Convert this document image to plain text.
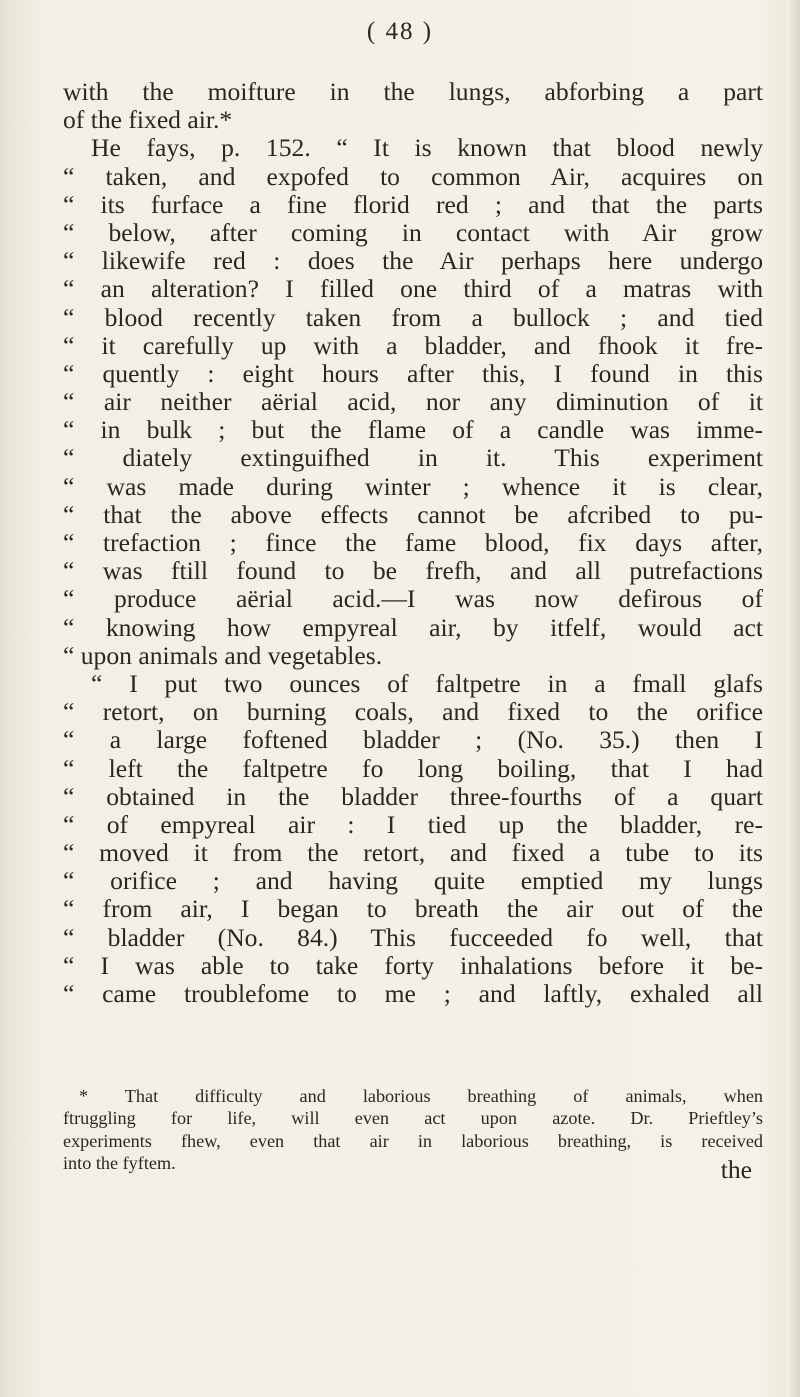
( 48 )
with the moifture in the lungs, abforbing a part
of the fixed air.*
He fays, p. 152. “ It is known that blood newly
“ taken, and expofed to common Air, acquires on
“ its furface a fine florid red ; and that the parts
“ below, after coming in contact with Air grow
“ likewife red : does the Air perhaps here undergo
“ an alteration? I filled one third of a matras with
“ blood recently taken from a bullock ; and tied
“ it carefully up with a bladder, and fhook it fre-
“ quently : eight hours after this, I found in this
“ air neither aërial acid, nor any diminution of it
“ in bulk ; but the flame of a candle was imme-
“ diately extinguifhed in it. This experiment
“ was made during winter ; whence it is clear,
“ that the above effects cannot be afcribed to pu-
“ trefaction ; fince the fame blood, fix days after,
“ was ftill found to be frefh, and all putrefactions
“ produce aërial acid.—I was now defirous of
“ knowing how empyreal air, by itfelf, would act
“ upon animals and vegetables.
“ I put two ounces of faltpetre in a fmall glafs
“ retort, on burning coals, and fixed to the orifice
“ a large foftened bladder ; (No. 35.) then I
“ left the faltpetre fo long boiling, that I had
“ obtained in the bladder three-fourths of a quart
“ of empyreal air : I tied up the bladder, re-
“ moved it from the retort, and fixed a tube to its
“ orifice ; and having quite emptied my lungs
“ from air, I began to breath the air out of the
“ bladder (No. 84.) This fucceeded fo well, that
“ I was able to take forty inhalations before it be-
“ came troublefome to me ; and laftly, exhaled all
* That difficulty and laborious breathing of animals, when
ftruggling for life, will even act upon azote. Dr. Prieftley’s
experiments fhew, even that air in laborious breathing, is received
into the fyftem.	the
